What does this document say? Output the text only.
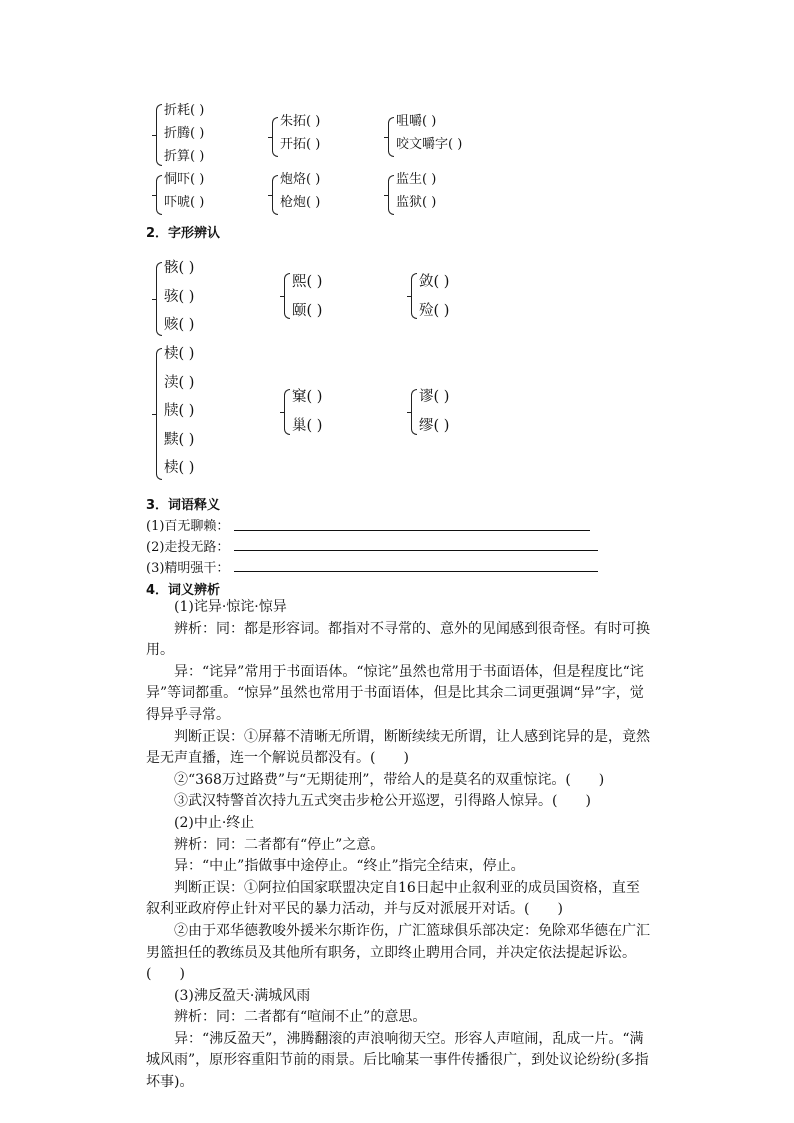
折耗( )
折腾( )
折算( )
朱拓( )
开拓( )
咀嚼( )
咬文嚼字( )
恫吓( )
吓唬( )
炮烙( )
枪炮( )
监生( )
监狱( )
2．字形辨认
骸( )
骇( )
赅( )
熙( )
颐( )
敛( )
殓( )
椟( )
渎( )
牍( )
黩( )
椟( )
窠( )
巢( )
谬( )
缪( )
3．词语释义
(1)百无聊赖：
(2)走投无路：
(3)精明强干：
4．词义辨析

(1)诧异·惊诧·惊异

辨析：同：都是形容词。都指对不寻常的、意外的见闻感到很奇怪。有时可换用。

异：“诧异”常用于书面语体。“惊诧”虽然也常用于书面语体，但是程度比“诧异”等词都重。“惊异”虽然也常用于书面语体，但是比其余二词更强调“异”字，觉得异乎寻常。

判断正误：①屏幕不清晰无所谓，断断续续无所谓，让人感到诧异的是，竟然是无声直播，连一个解说员都没有。(　　)

②“368万过路费”与“无期徒刑”，带给人的是莫名的双重惊诧。(　　)

③武汉特警首次持九五式突击步枪公开巡逻，引得路人惊异。(　　)

(2)中止·终止

辨析：同：二者都有“停止”之意。

异：“中止”指做事中途停止。“终止”指完全结束，停止。

判断正误：①阿拉伯国家联盟决定自16日起中止叙利亚的成员国资格，直至叙利亚政府停止针对平民的暴力活动，并与反对派展开对话。(　　)

②由于邓华德教唆外援米尔斯诈伤，广汇篮球俱乐部决定：免除邓华德在广汇男篮担任的教练员及其他所有职务，立即终止聘用合同，并决定依法提起诉讼。(　　)

(3)沸反盈天·满城风雨

辨析：同：二者都有“喧闹不止”的意思。

异：“沸反盈天”，沸腾翻滚的声浪响彻天空。形容人声喧闹，乱成一片。“满城风雨”，原形容重阳节前的雨景。后比喻某一事件传播很广，到处议论纷纷(多指坏事)。
